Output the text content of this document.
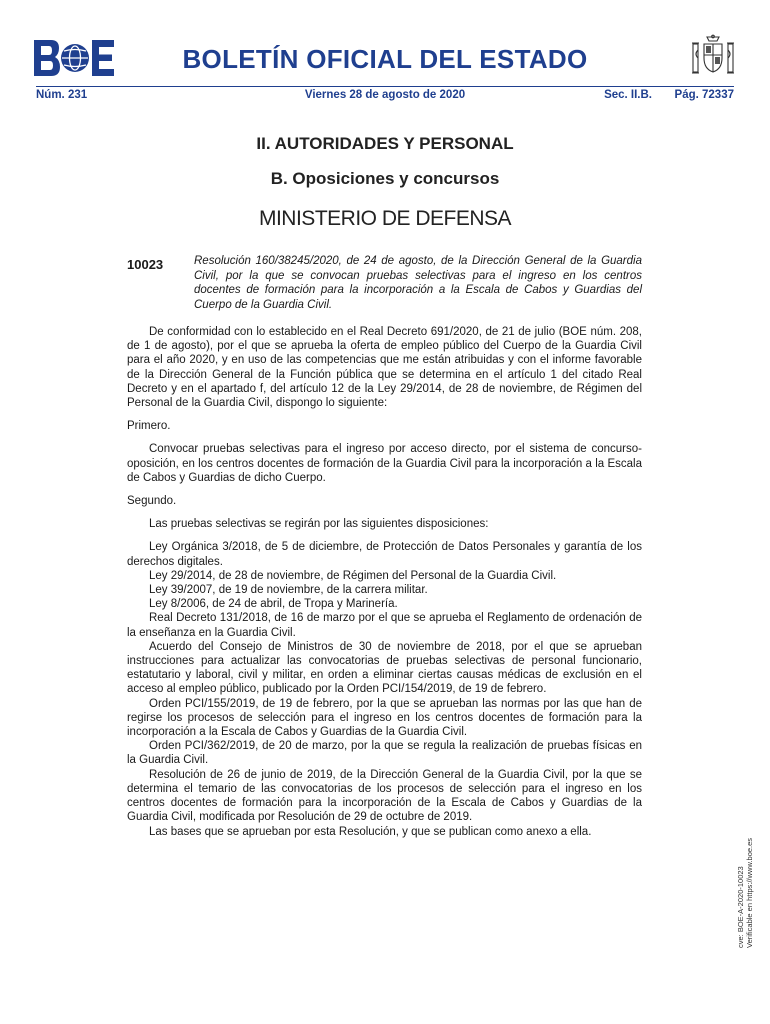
BOLETÍN OFICIAL DEL ESTADO
Núm. 231	Viernes 28 de agosto de 2020	Sec. II.B. Pág. 72337
II. AUTORIDADES Y PERSONAL
B. Oposiciones y concursos
MINISTERIO DE DEFENSA
10023	Resolución 160/38245/2020, de 24 de agosto, de la Dirección General de la Guardia Civil, por la que se convocan pruebas selectivas para el ingreso en los centros docentes de formación para la incorporación a la Escala de Cabos y Guardias del Cuerpo de la Guardia Civil.

De conformidad con lo establecido en el Real Decreto 691/2020, de 21 de julio (BOE núm. 208, de 1 de agosto), por el que se aprueba la oferta de empleo público del Cuerpo de la Guardia Civil para el año 2020, y en uso de las competencias que me están atribuidas y con el informe favorable de la Dirección General de la Función pública que se determina en el artículo 1 del citado Real Decreto y en el apartado f, del artículo 12 de la Ley 29/2014, de 28 de noviembre, de Régimen del Personal de la Guardia Civil, dispongo lo siguiente:

Primero.

Convocar pruebas selectivas para el ingreso por acceso directo, por el sistema de concurso-oposición, en los centros docentes de formación de la Guardia Civil para la incorporación a la Escala de Cabos y Guardias de dicho Cuerpo.

Segundo.

Las pruebas selectivas se regirán por las siguientes disposiciones:

Ley Orgánica 3/2018, de 5 de diciembre, de Protección de Datos Personales y garantía de los derechos digitales.

Ley 29/2014, de 28 de noviembre, de Régimen del Personal de la Guardia Civil.

Ley 39/2007, de 19 de noviembre, de la carrera militar.

Ley 8/2006, de 24 de abril, de Tropa y Marinería.

Real Decreto 131/2018, de 16 de marzo por el que se aprueba el Reglamento de ordenación de la enseñanza en la Guardia Civil.

Acuerdo del Consejo de Ministros de 30 de noviembre de 2018, por el que se aprueban instrucciones para actualizar las convocatorias de pruebas selectivas de personal funcionario, estatutario y laboral, civil y militar, en orden a eliminar ciertas causas médicas de exclusión en el acceso al empleo público, publicado por la Orden PCI/154/2019, de 19 de febrero.

Orden PCI/155/2019, de 19 de febrero, por la que se aprueban las normas por las que han de regirse los procesos de selección para el ingreso en los centros docentes de formación para la incorporación a la Escala de Cabos y Guardias de la Guardia Civil.

Orden PCI/362/2019, de 20 de marzo, por la que se regula la realización de pruebas físicas en la Guardia Civil.

Resolución de 26 de junio de 2019, de la Dirección General de la Guardia Civil, por la que se determina el temario de las convocatorias de los procesos de selección para el ingreso en los centros docentes de formación para la incorporación de la Escala de Cabos y Guardias de la Guardia Civil, modificada por Resolución de 29 de octubre de 2019.

Las bases que se aprueban por esta Resolución, y que se publican como anexo a ella.

cve: BOE-A-2020-10023 Verificable en https://www.boe.es
